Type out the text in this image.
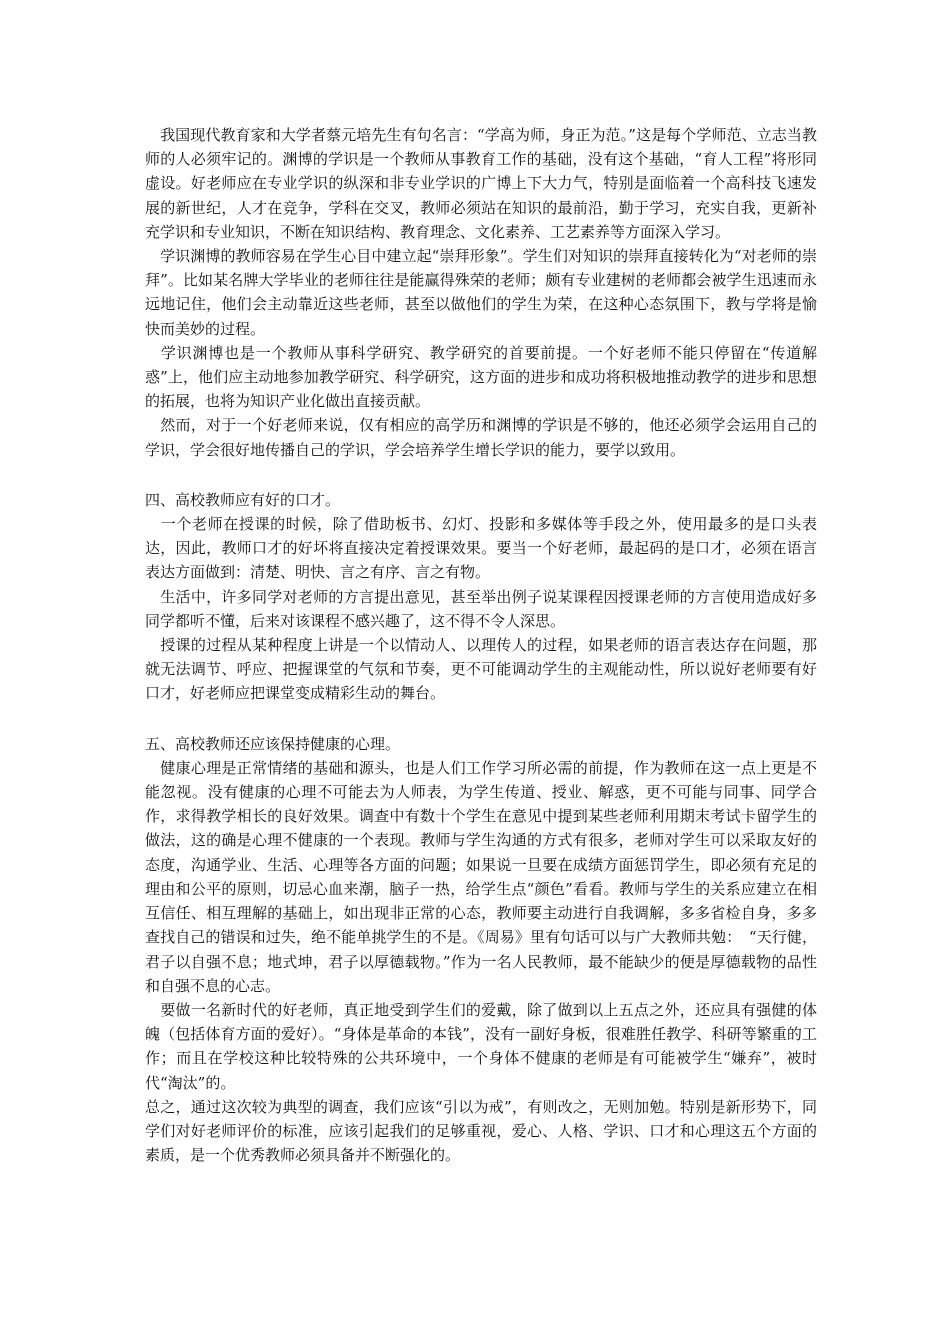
　我国现代教育家和大学者蔡元培先生有句名言：“学高为师，身正为范。”这是每个学师范、立志当教师的人必须牢记的。渊博的学识是一个教师从事教育工作的基础，没有这个基础，“育人工程”将形同虚设。好老师应在专业学识的纵深和非专业学识的广博上下大力气，特别是面临着一个高科技飞速发展的新世纪，人才在竞争，学科在交叉，教师必须站在知识的最前沿，勤于学习，充实自我，更新补充学识和专业知识，不断在知识结构、教育理念、文化素养、工艺素养等方面深入学习。

　学识渊博的教师容易在学生心目中建立起“崇拜形象”。学生们对知识的崇拜直接转化为“对老师的崇拜”。比如某名牌大学毕业的老师往往是能赢得殊荣的老师；颇有专业建树的老师都会被学生迅速而永远地记住，他们会主动靠近这些老师，甚至以做他们的学生为荣，在这种心态氛围下，教与学将是愉快而美妙的过程。

　学识渊博也是一个教师从事科学研究、教学研究的首要前提。一个好老师不能只停留在“传道解惑”上，他们应主动地参加教学研究、科学研究，这方面的进步和成功将积极地推动教学的进步和思想的拓展，也将为知识产业化做出直接贡献。

　然而，对于一个好老师来说，仅有相应的高学历和渊博的学识是不够的，他还必须学会运用自己的学识，学会很好地传播自己的学识，学会培养学生增长学识的能力，要学以致用。

四、高校教师应有好的口才。

　一个老师在授课的时候，除了借助板书、幻灯、投影和多媒体等手段之外，使用最多的是口头表达，因此，教师口才的好坏将直接决定着授课效果。要当一个好老师，最起码的是口才，必须在语言表达方面做到：清楚、明快、言之有序、言之有物。

　生活中，许多同学对老师的方言提出意见，甚至举出例子说某课程因授课老师的方言使用造成好多同学都听不懂，后来对该课程不感兴趣了，这不得不令人深思。

　授课的过程从某种程度上讲是一个以情动人、以理传人的过程，如果老师的语言表达存在问题，那就无法调节、呼应、把握课堂的气氛和节奏，更不可能调动学生的主观能动性，所以说好老师要有好口才，好老师应把课堂变成精彩生动的舞台。

五、高校教师还应该保持健康的心理。

　健康心理是正常情绪的基础和源头，也是人们工作学习所必需的前提，作为教师在这一点上更是不能忽视。没有健康的心理不可能去为人师表，为学生传道、授业、解惑，更不可能与同事、同学合作，求得教学相长的良好效果。调查中有数十个学生在意见中提到某些老师利用期末考试卡留学生的做法，这的确是心理不健康的一个表现。教师与学生沟通的方式有很多，老师对学生可以采取友好的态度，沟通学业、生活、心理等各方面的问题；如果说一旦要在成绩方面惩罚学生，即必须有充足的理由和公平的原则，切忌心血来潮，脑子一热，给学生点“颜色”看看。教师与学生的关系应建立在相互信任、相互理解的基础上，如出现非正常的心态，教师要主动进行自我调解，多多省检自身，多多查找自己的错误和过失，绝不能单挑学生的不是。《周易》里有句话可以与广大教师共勉：　“天行健，君子以自强不息；地式坤，君子以厚德载物。”作为一名人民教师，最不能缺少的便是厚德载物的品性和自强不息的心志。

　要做一名新时代的好老师，真正地受到学生们的爱戴，除了做到以上五点之外，还应具有强健的体魄（包括体育方面的爱好）。“身体是革命的本钱”，没有一副好身板，很难胜任教学、科研等繁重的工作；而且在学校这种比较特殊的公共环境中，一个身体不健康的老师是有可能被学生“嫌弃”，被时代“淘汰”的。

总之，通过这次较为典型的调查，我们应该“引以为戒”，有则改之，无则加勉。特别是新形势下，同学们对好老师评价的标准，应该引起我们的足够重视，爱心、人格、学识、口才和心理这五个方面的素质，是一个优秀教师必须具备并不断强化的。
